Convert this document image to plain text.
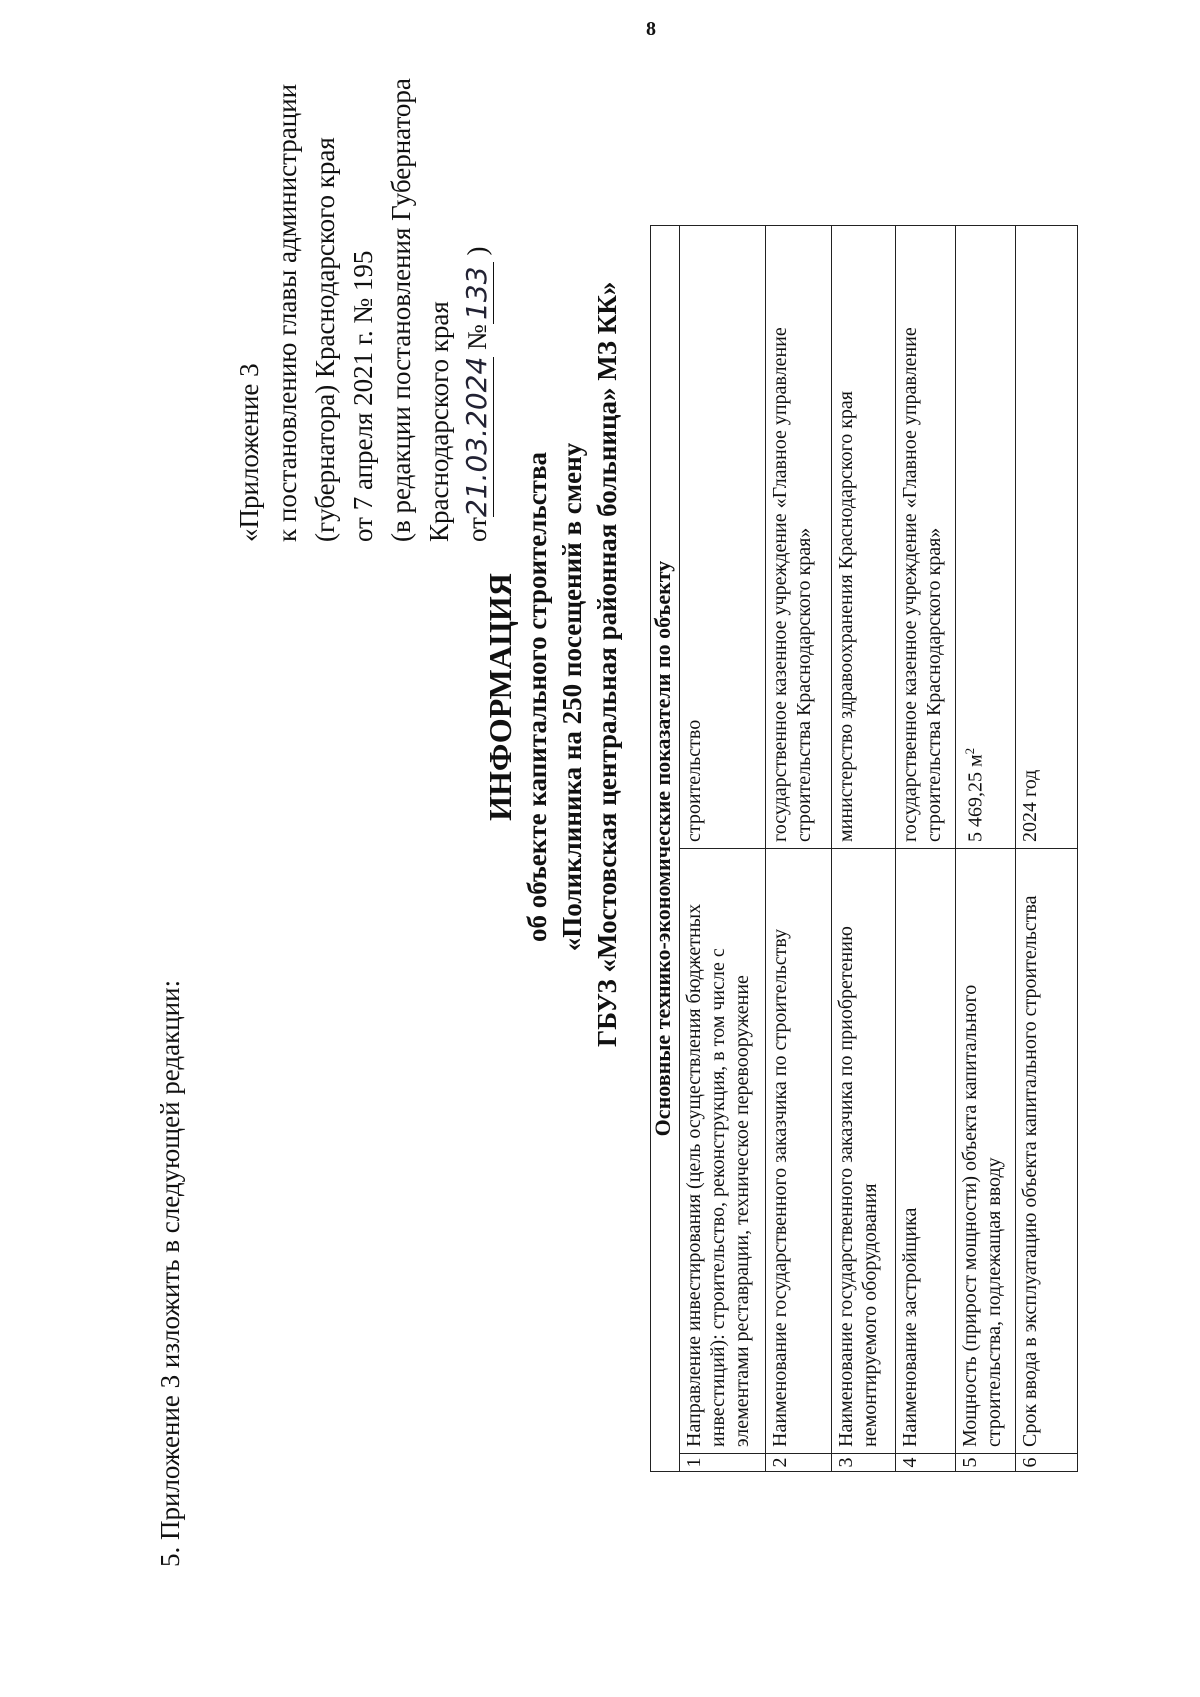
8
5. Приложение 3 изложить в следующей редакции:
«Приложение 3 к постановлению главы администрации (губернатора) Краснодарского края от 7 апреля 2021 г. № 195 (в редакции постановления Губернатора Краснодарского края от21.03.2024 №133 )
ИНФОРМАЦИЯ об объекте капитального строительства «Поликлиника на 250 посещений в смену ГБУЗ «Мостовская центральная районная больница» МЗ КК» Основные технико-экономические показатели по объекту		
1	Направление инвестирования (цель осуществления бюджетных инвестиций): строительство, реконструкция, в том числе с элементами реставрации, техническое перевооружение	строительство
2	Наименование государственного заказчика по строительству	государственное казенное учреждение «Главное управление строительства Краснодарского края»
3	Наименование государственного заказчика по приобретению немонтируемого оборудования	министерство здравоохранения Краснодарского края
4	Наименование застройщика	государственное казенное учреждение «Главное управление строительства Краснодарского края»
5	Мощность (прирост мощности) объекта капитального строительства, подлежащая вводу	5 469,25 $м^2$
6	Срок ввода в эксплуатацию объекта капитального строительства	2024 год
